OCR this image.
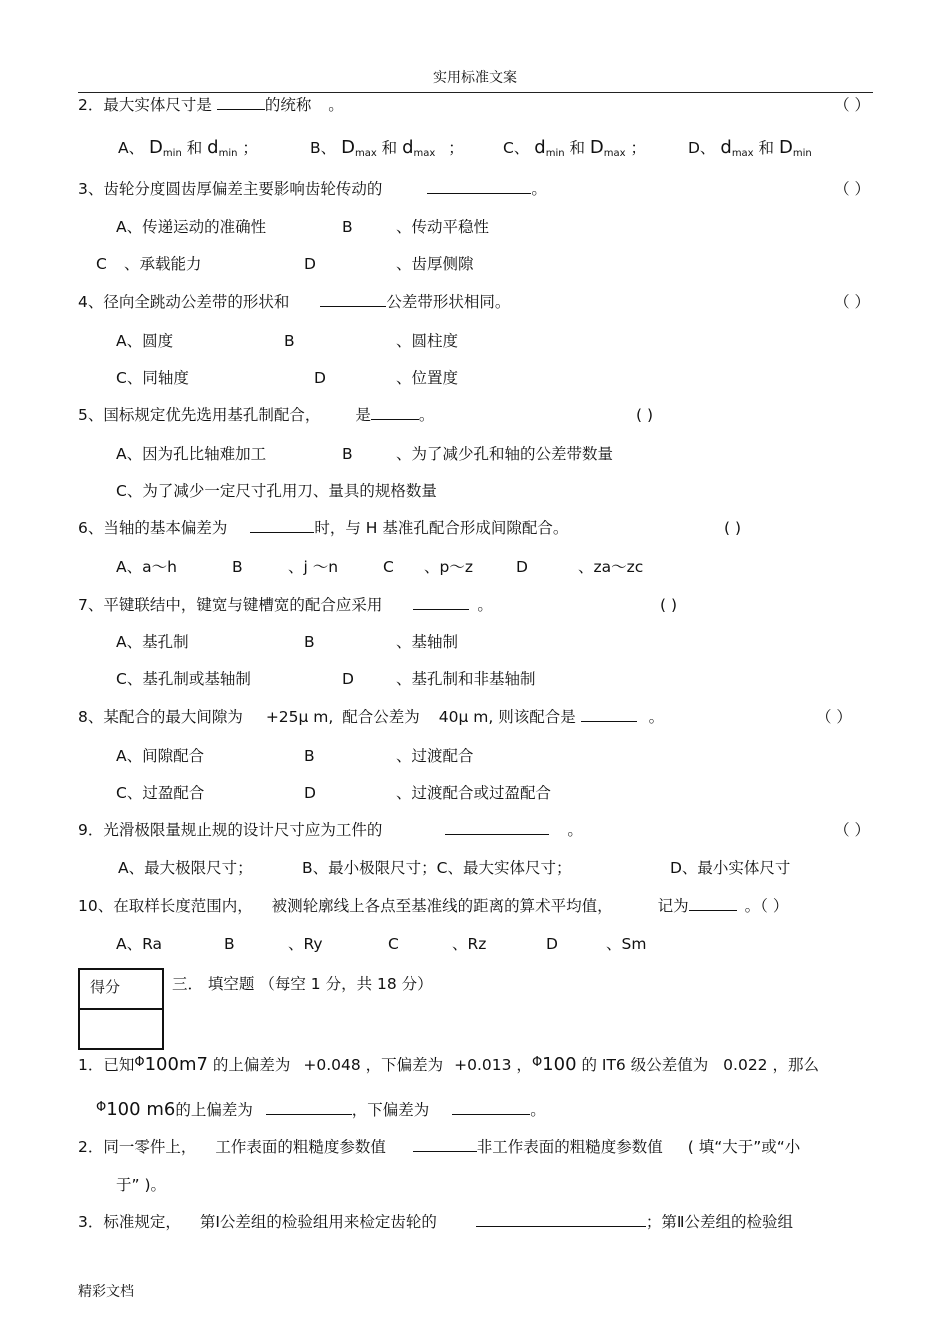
实用标准文案
2．最大实体尺寸是	的统称 。	（ ）
A、 $D_{min}$ 和 $d_{min}$ ；	B、 $D_{max}$ 和 $d_{max}$ ；	C、 $d_{min}$ 和 $D_{max}$ ；	D、 $d_{max}$ 和 $D_{min}$
3、齿轮分度圆齿厚偏差主要影响齿轮传动的	。	（ ）
A、传递运动的准确性	B	、传动平稳性
C 、承载能力	D	、齿厚侧隙
4、径向全跳动公差带的形状和	公差带形状相同。	（ ）
A、圆度	B	、圆柱度
C、同轴度	D	、位置度
5、国标规定优先选用基孔制配合， 是	。	( )
A、因为孔比轴难加工	B	、为了减少孔和轴的公差带数量
C、为了减少一定尺寸孔用刀、量具的规格数量
6、当轴的基本偏差为	时，与 H 基准孔配合形成间隙配合。	( )
A、a～h	B	、j ～n	C 、p～z	D	、za～zc
7、平键联结中，键宽与键槽宽的配合应采用	。	( )
A、基孔制	B	、基轴制
C、基孔制或基轴制	D	、基孔制和非基轴制
8、某配合的最大间隙为 +25μ m, 配合公差为 40μ m, 则该配合是	。	（ ）
A、间隙配合	B	、过渡配合
C、过盈配合	D	、过渡配合或过盈配合
9．光滑极限量规止规的设计尺寸应为工件的	。	（ ）
A、最大极限尺寸；	B、最小极限尺寸；C、最大实体尺寸；	D、最小实体尺寸
10、在取样长度范围内， 被测轮廓线上各点至基准线的距离的算术平均值，	记为	。（ ）
A、Ra	B	、Ry	C	、Rz	D	、Sm
得分	三． 填空题 （每空 1 分，共 18 分）
1．已知$^\Phi$100m7 的上偏差为 +0.048 ，下偏差为 +0.013 ，$^\Phi$100 的 IT6 级公差值为 0.022 ，那么
$^\Phi$100 m6的上偏差为	，下偏差为	。
2．同一零件上， 工作表面的粗糙度参数值	非工作表面的粗糙度参数值 ( 填“大于”或“小
于” )。
3．标准规定， 第Ⅰ公差组的检验组用来检定齿轮的	；第Ⅱ公差组的检验组
精彩文档
